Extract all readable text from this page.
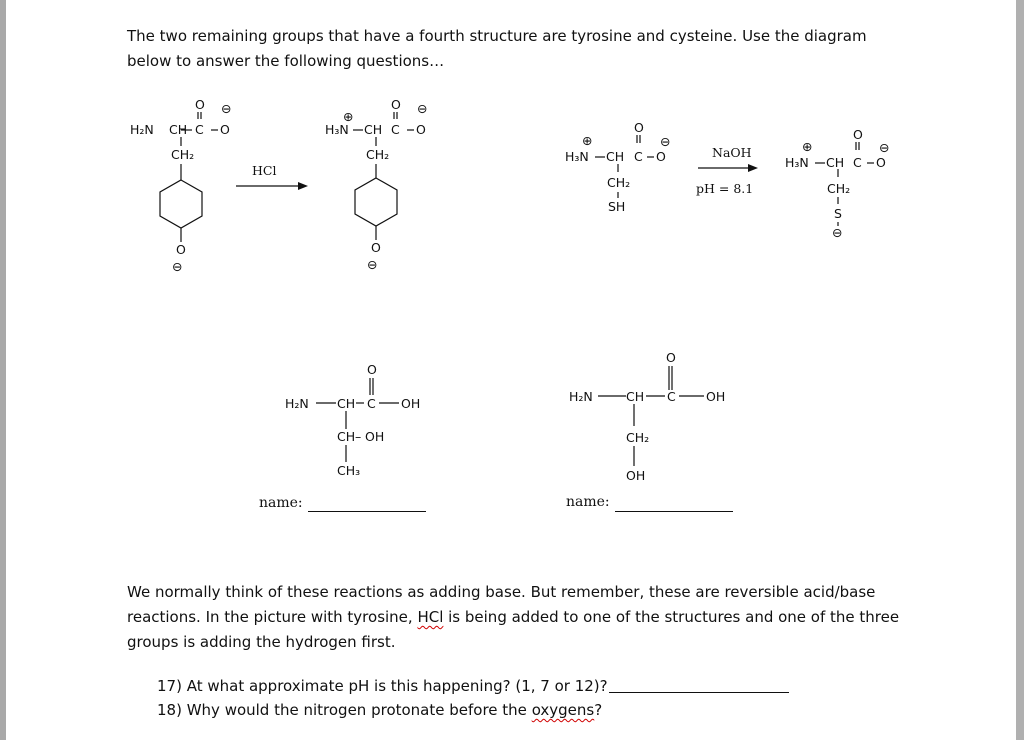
The two remaining groups that have a fourth structure are tyrosine and cysteine. Use the diagram
below to answer the following questions…
O ⊖
H₂N CH C O
CH₂
O
⊖
HCl
O ⊖
⊕
H₃N CH C O
CH₂
O
⊖
O
⊖
⊕
H₃N CH C O
CH₂
SH
NaOH
pH = 8.1
O
⊖
⊕
H₃N CH C O
CH₂
S
⊖
O
H₂N CH C OH
CH – OH
CH₃
O
H₂N	CH C OH
CH₂
OH
name:	name:
We normally think of these reactions as adding base. But remember, these are reversible acid/base
reactions. In the picture with tyrosine, HCl is being added to one of the structures and one of the three
groups is adding the hydrogen first.
17) At what approximate pH is this happening? (1, 7 or 12)?
18) Why would the nitrogen protonate before the oxygens?
